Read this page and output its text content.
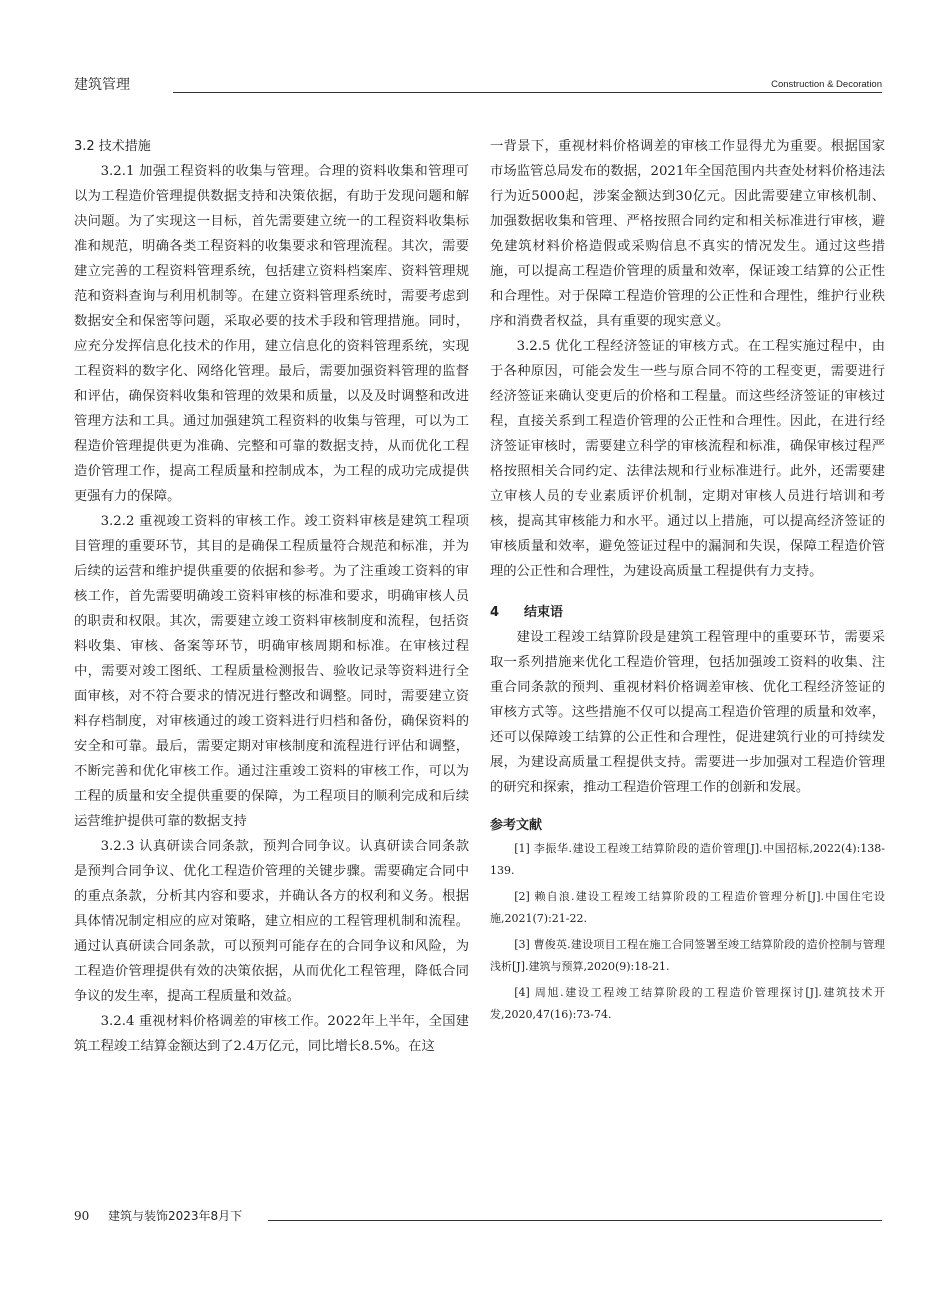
建筑管理	Construction & Decoration
3.2 技术措施

3.2.1 加强工程资料的收集与管理。合理的资料收集和管理可以为工程造价管理提供数据支持和决策依据，有助于发现问题和解决问题。为了实现这一目标，首先需要建立统一的工程资料收集标准和规范，明确各类工程资料的收集要求和管理流程。其次，需要建立完善的工程资料管理系统，包括建立资料档案库、资料管理规范和资料查询与利用机制等。在建立资料管理系统时，需要考虑到数据安全和保密等问题，采取必要的技术手段和管理措施。同时，应充分发挥信息化技术的作用，建立信息化的资料管理系统，实现工程资料的数字化、网络化管理。最后，需要加强资料管理的监督和评估，确保资料收集和管理的效果和质量，以及及时调整和改进管理方法和工具。通过加强建筑工程资料的收集与管理，可以为工程造价管理提供更为准确、完整和可靠的数据支持，从而优化工程造价管理工作，提高工程质量和控制成本，为工程的成功完成提供更强有力的保障。

3.2.2 重视竣工资料的审核工作。竣工资料审核是建筑工程项目管理的重要环节，其目的是确保工程质量符合规范和标准，并为后续的运营和维护提供重要的依据和参考。为了注重竣工资料的审核工作，首先需要明确竣工资料审核的标准和要求，明确审核人员的职责和权限。其次，需要建立竣工资料审核制度和流程，包括资料收集、审核、备案等环节，明确审核周期和标准。在审核过程中，需要对竣工图纸、工程质量检测报告、验收记录等资料进行全面审核，对不符合要求的情况进行整改和调整。同时，需要建立资料存档制度，对审核通过的竣工资料进行归档和备份，确保资料的安全和可靠。最后，需要定期对审核制度和流程进行评估和调整，不断完善和优化审核工作。通过注重竣工资料的审核工作，可以为工程的质量和安全提供重要的保障，为工程项目的顺利完成和后续运营维护提供可靠的数据支持

3.2.3 认真研读合同条款，预判合同争议。认真研读合同条款是预判合同争议、优化工程造价管理的关键步骤。需要确定合同中的重点条款，分析其内容和要求，并确认各方的权利和义务。根据具体情况制定相应的应对策略，建立相应的工程管理机制和流程。通过认真研读合同条款，可以预判可能存在的合同争议和风险，为工程造价管理提供有效的决策依据，从而优化工程管理，降低合同争议的发生率，提高工程质量和效益。

3.2.4 重视材料价格调差的审核工作。2022年上半年，全国建筑工程竣工结算金额达到了2.4万亿元，同比增长8.5%。在这

一背景下，重视材料价格调差的审核工作显得尤为重要。根据国家市场监管总局发布的数据，2021年全国范围内共查处材料价格违法行为近5000起，涉案金额达到30亿元。因此需要建立审核机制、加强数据收集和管理、严格按照合同约定和相关标准进行审核，避免建筑材料价格造假或采购信息不真实的情况发生。通过这些措施，可以提高工程造价管理的质量和效率，保证竣工结算的公正性和合理性。对于保障工程造价管理的公正性和合理性，维护行业秩序和消费者权益，具有重要的现实意义。

3.2.5 优化工程经济签证的审核方式。在工程实施过程中，由于各种原因，可能会发生一些与原合同不符的工程变更，需要进行经济签证来确认变更后的价格和工程量。而这些经济签证的审核过程，直接关系到工程造价管理的公正性和合理性。因此，在进行经济签证审核时，需要建立科学的审核流程和标准，确保审核过程严格按照相关合同约定、法律法规和行业标准进行。此外，还需要建立审核人员的专业素质评价机制，定期对审核人员进行培训和考核，提高其审核能力和水平。通过以上措施，可以提高经济签证的审核质量和效率，避免签证过程中的漏洞和失误，保障工程造价管理的公正性和合理性，为建设高质量工程提供有力支持。

4 结束语

建设工程竣工结算阶段是建筑工程管理中的重要环节，需要采取一系列措施来优化工程造价管理，包括加强竣工资料的收集、注重合同条款的预判、重视材料价格调差审核、优化工程经济签证的审核方式等。这些措施不仅可以提高工程造价管理的质量和效率，还可以保障竣工结算的公正性和合理性，促进建筑行业的可持续发展，为建设高质量工程提供支持。需要进一步加强对工程造价管理的研究和探索，推动工程造价管理工作的创新和发展。

参考文献

[1] 李振华.建设工程竣工结算阶段的造价管理[J].中国招标,2022(4):138-139.

[2] 赖自浪.建设工程竣工结算阶段的工程造价管理分析[J].中国住宅设施,2021(7):21-22.

[3] 曹俊英.建设项目工程在施工合同签署至竣工结算阶段的造价控制与管理浅析[J].建筑与预算,2020(9):18-21.

[4] 周旭.建设工程竣工结算阶段的工程造价管理探讨[J].建筑技术开发,2020,47(16):73-74.

90 建筑与装饰2023年8月下
